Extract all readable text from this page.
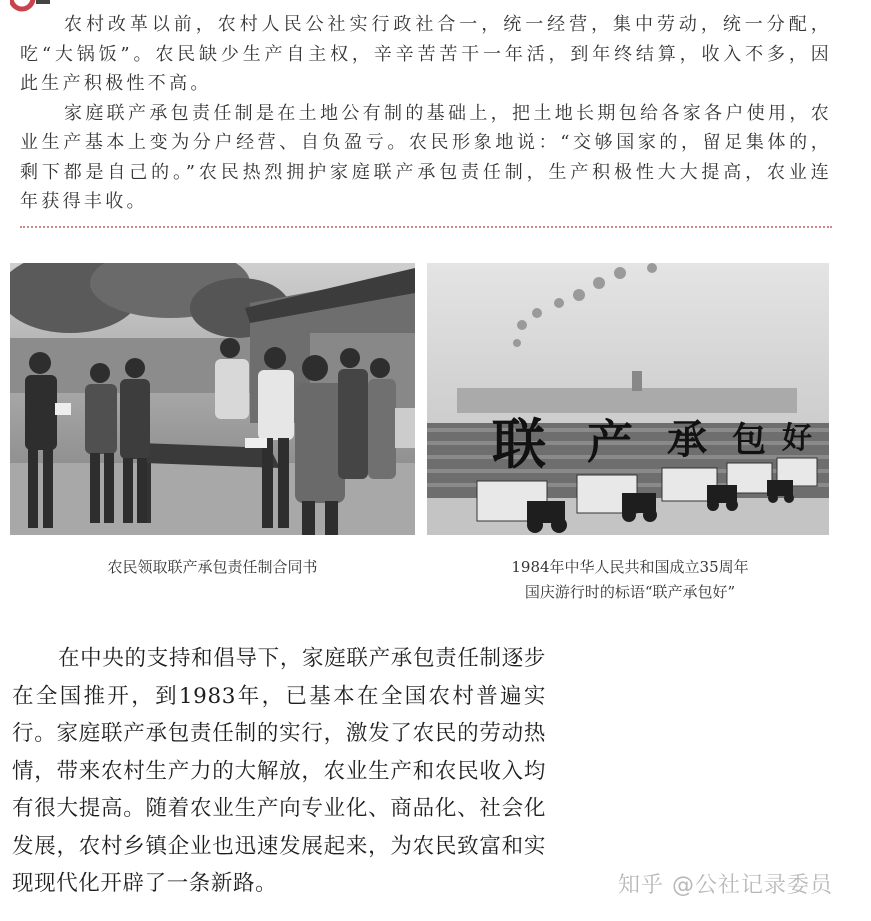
农村改革以前，农村人民公社实行政社合一，统一经营，集中劳动，统一分配，吃“大锅饭”。农民缺少生产自主权，辛辛苦苦干一年活，到年终结算，收入不多，因此生产积极性不高。

家庭联产承包责任制是在土地公有制的基础上，把土地长期包给各家各户使用，农业生产基本上变为分户经营、自负盈亏。农民形象地说：“交够国家的，留足集体的，剩下都是自己的。”农民热烈拥护家庭联产承包责任制，生产积极性大大提高，农业连年获得丰收。

联 产 承 包 好
农民领取联产承包责任制合同书	1984年中华人民共和国成立35周年
国庆游行时的标语“联产承包好”

在中央的支持和倡导下，家庭联产承包责任制逐步在全国推开，到1983年，已基本在全国农村普遍实行。家庭联产承包责任制的实行，激发了农民的劳动热情，带来农村生产力的大解放，农业生产和农民收入均有很大提高。随着农业生产向专业化、商品化、社会化发展，农村乡镇企业也迅速发展起来，为农民致富和实现现代化开辟了一条新路。	知乎 @公社记录委员
